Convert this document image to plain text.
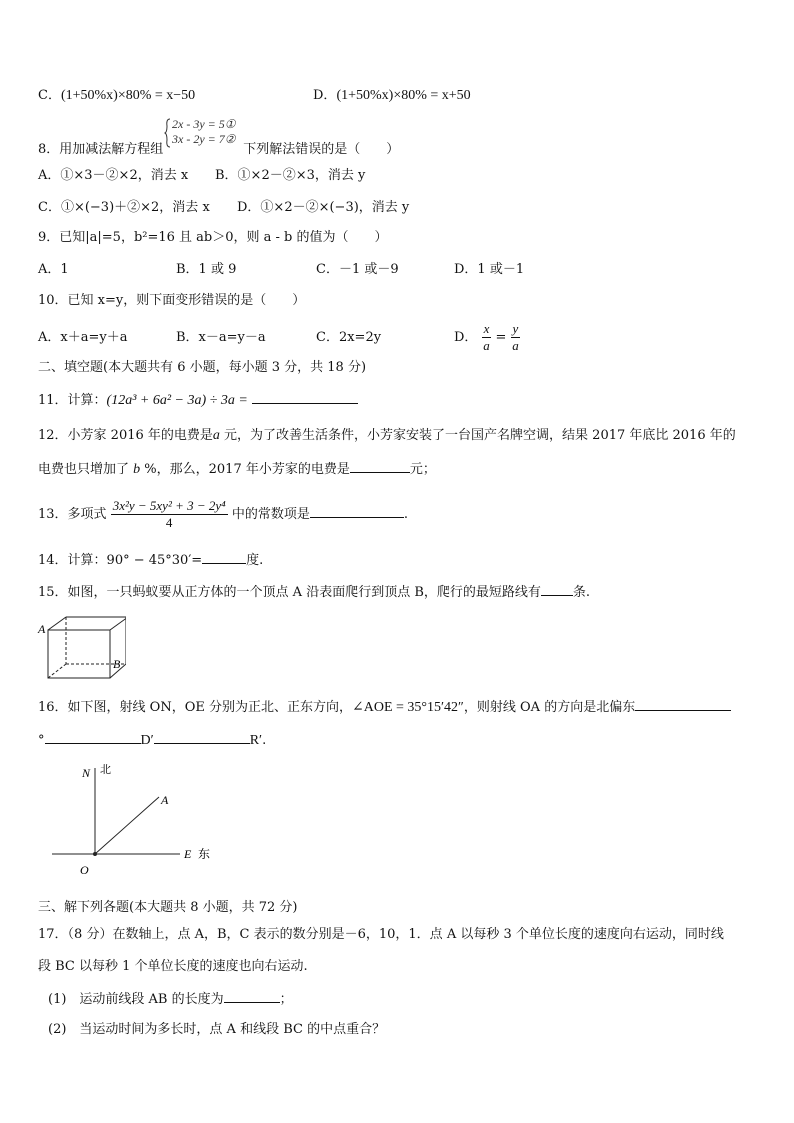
C．(1+50%x)×80% = x−50	D．(1+50%x)×80% = x+50
2x - 3y = 5①
3x - 2y = 7②
8．用加减法解方程组	下列解法错误的是（　　）
A．①×3－②×2，消去 x B．①×2－②×3，消去 y
C．①×(−3)＋②×2，消去 x D．①×2－②×(−3)，消去 y
9．已知|a|=5，b²=16 且 ab＞0，则 a - b 的值为（　　）
A．1	B．1 或 9	C．－1 或－9	D．1 或－1
10．已知 x=y，则下面变形错误的是（　　）
A．x＋a=y＋a	B．x－a=y－a	C．2x=2y	D． $\frac{x}{a} = \frac{y}{a}$
二、填空题(本大题共有 6 小题，每小题 3 分，共 18 分)
11．计算：(12a³ + 6a² − 3a) ÷ 3a =
12．小芳家 2016 年的电费是a 元，为了改善生活条件，小芳家安装了一台国产名牌空调，结果 2017 年底比 2016 年的
电费也只增加了 b %，那么，2017 年小芳家的电费是	元；
13．多项式 $\frac{\text{3x²y − 5xy² + 3 − 2y⁴}}{4}$ 中的常数项是	.
14．计算：90° − 45°30′=	度.
15．如图，一只蚂蚁要从正方体的一个顶点 A 沿表面爬行到顶点 B，爬行的最短路线有 条.
A
B
16．如下图，射线 ON，OE 分别为正北、正东方向，∠AOE = 35°15′42″，则射线 OA 的方向是北偏东
°	D′	R′.
N 北
A
E 东
O
三、解下列各题(本大题共 8 小题，共 72 分)
17．（8 分）在数轴上，点 A，B，C 表示的数分别是－6，10，1．点 A 以每秒 3 个单位长度的速度向右运动，同时线
段 BC 以每秒 1 个单位长度的速度也向右运动.
(1)　运动前线段 AB 的长度为	；
(2)　当运动时间为多长时，点 A 和线段 BC 的中点重合？
